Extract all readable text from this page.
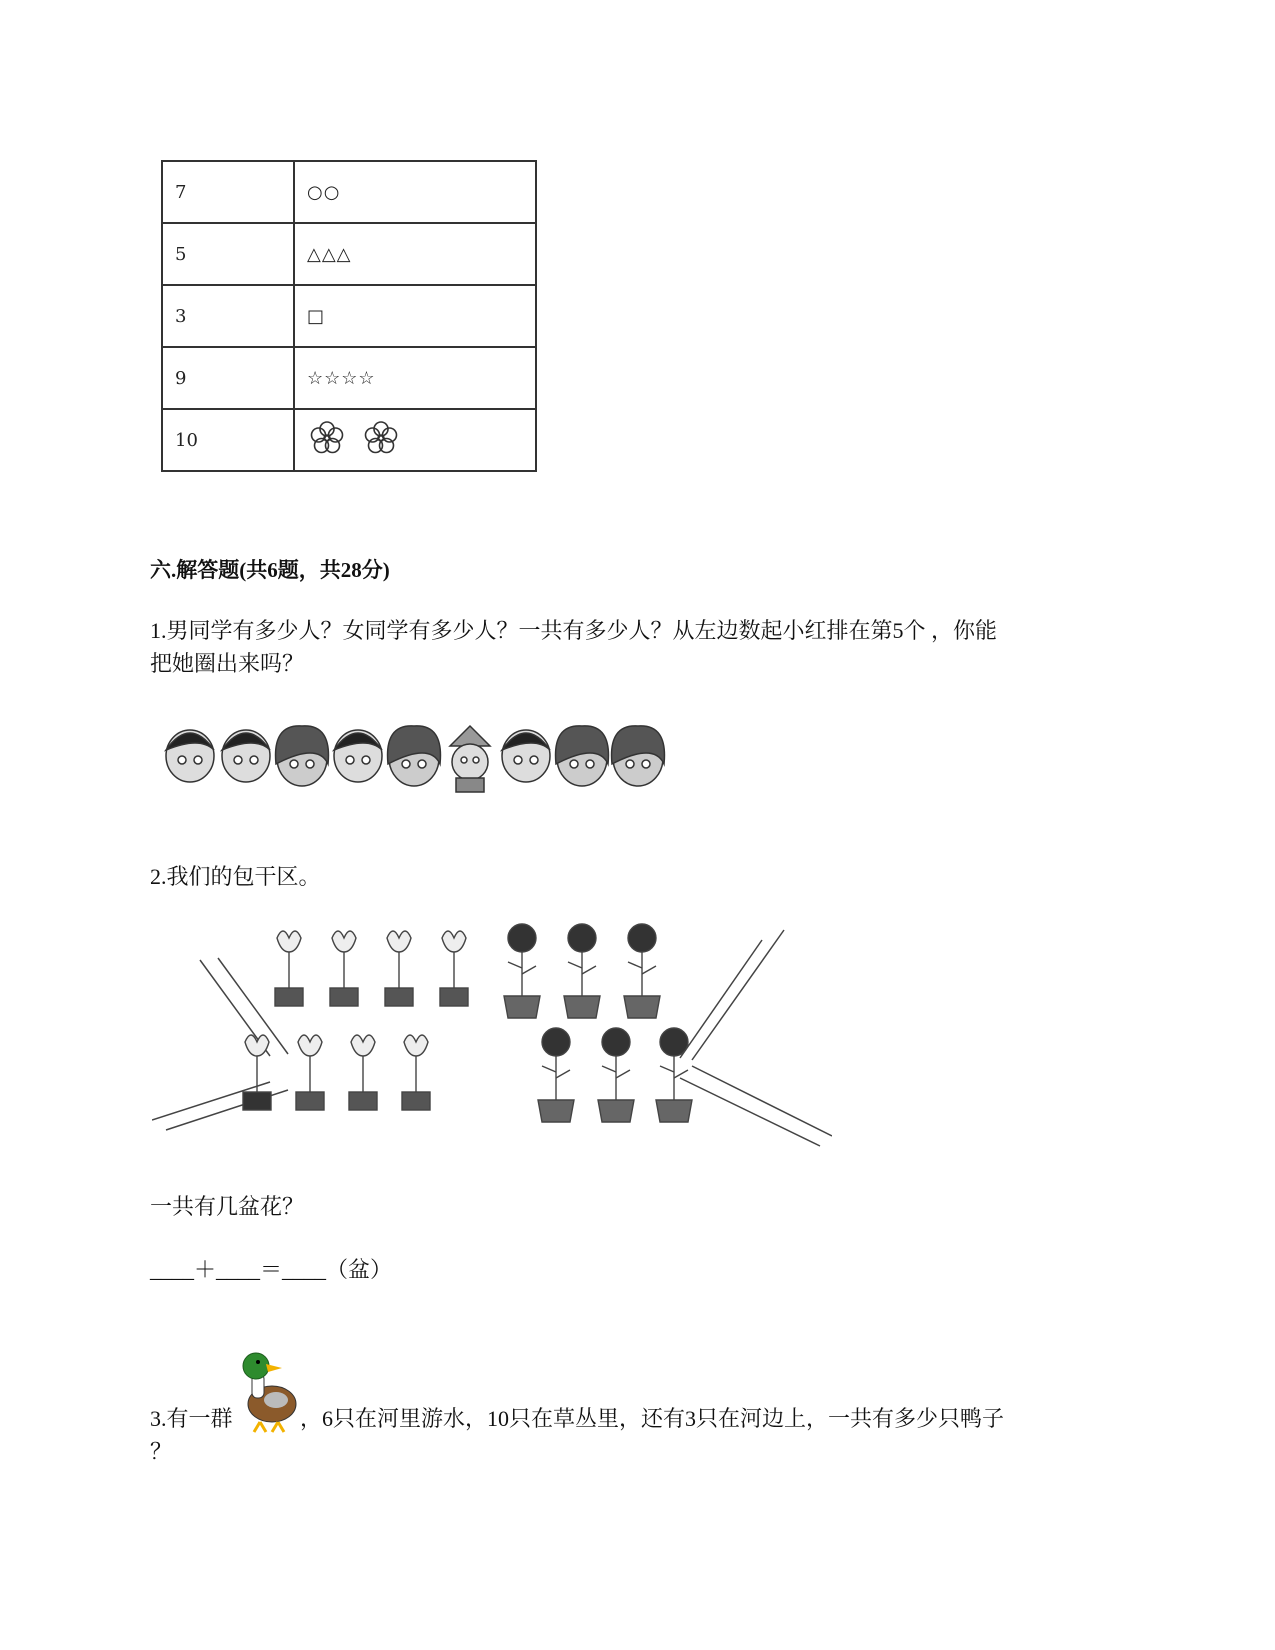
7	○○
5	△△△
3	□
9	☆☆☆☆
10	
六.解答题(共6题，共28分)
1.男同学有多少人？女同学有多少人？一共有多少人？从左边数起小红排在第5个 ，你能
把她圈出来吗？
2.我们的包干区。
一共有几盆花？
____＋____＝____（盆）
3.有一群	，6只在河里游水，10只在草丛里，还有3只在河边上，一共有多少只鸭子
？
